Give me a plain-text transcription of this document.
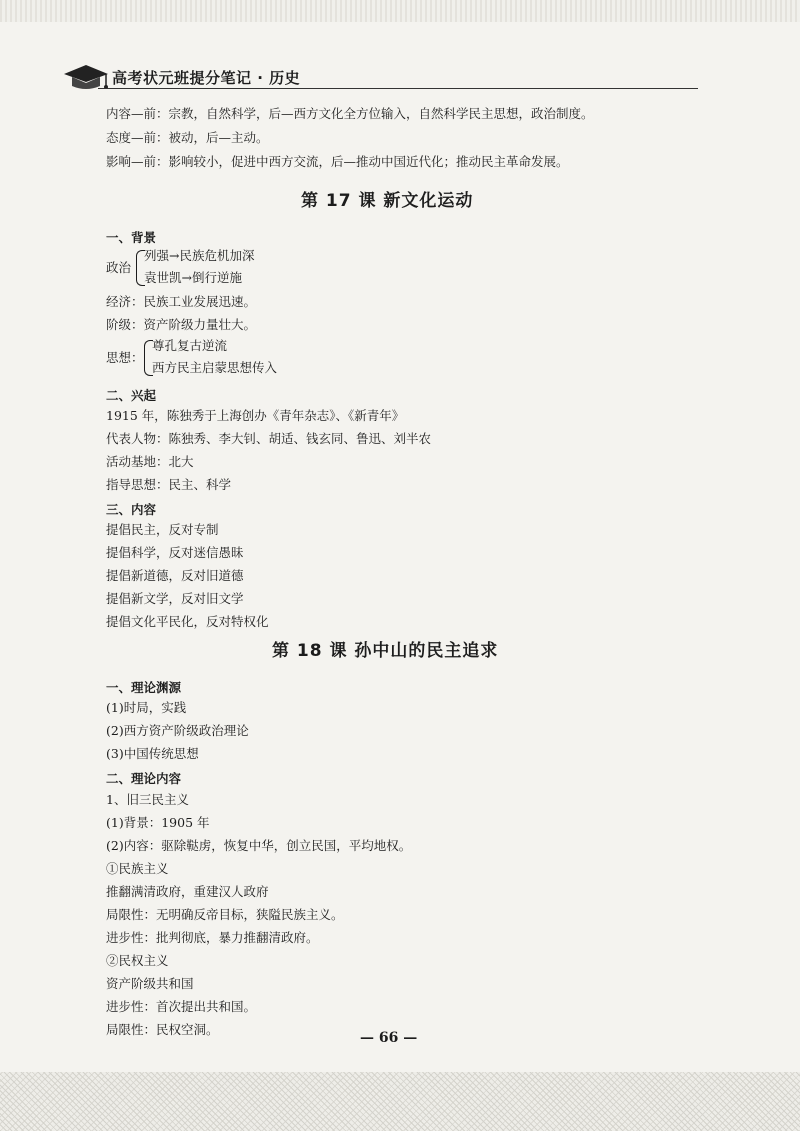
高考状元班提分笔记 · 历史
内容—前：宗教，自然科学，后—西方文化全方位输入，自然科学民主思想，政治制度。
态度—前：被动，后—主动。
影响—前：影响较小，促进中西方交流，后—推动中国近代化；推动民主革命发展。
第 17 课 新文化运动
一、背景
政治
列强→民族危机加深
袁世凯→倒行逆施
经济：民族工业发展迅速。
阶级：资产阶级力量壮大。
思想：
尊孔复古逆流
西方民主启蒙思想传入
二、兴起
1915 年，陈独秀于上海创办《青年杂志》、《新青年》
代表人物：陈独秀、李大钊、胡适、钱玄同、鲁迅、刘半农
活动基地：北大
指导思想：民主、科学
三、内容
提倡民主，反对专制
提倡科学，反对迷信愚昧
提倡新道德，反对旧道德
提倡新文学，反对旧文学
提倡文化平民化，反对特权化
第 18 课 孙中山的民主追求
一、理论渊源
(1)时局，实践
(2)西方资产阶级政治理论
(3)中国传统思想
二、理论内容
1、旧三民主义
(1)背景：1905 年
(2)内容：驱除鞑虏，恢复中华，创立民国，平均地权。
①民族主义
推翻满清政府，重建汉人政府
局限性：无明确反帝目标，狭隘民族主义。
进步性：批判彻底，暴力推翻清政府。
②民权主义
资产阶级共和国
进步性：首次提出共和国。
局限性：民权空洞。
— 66 —
